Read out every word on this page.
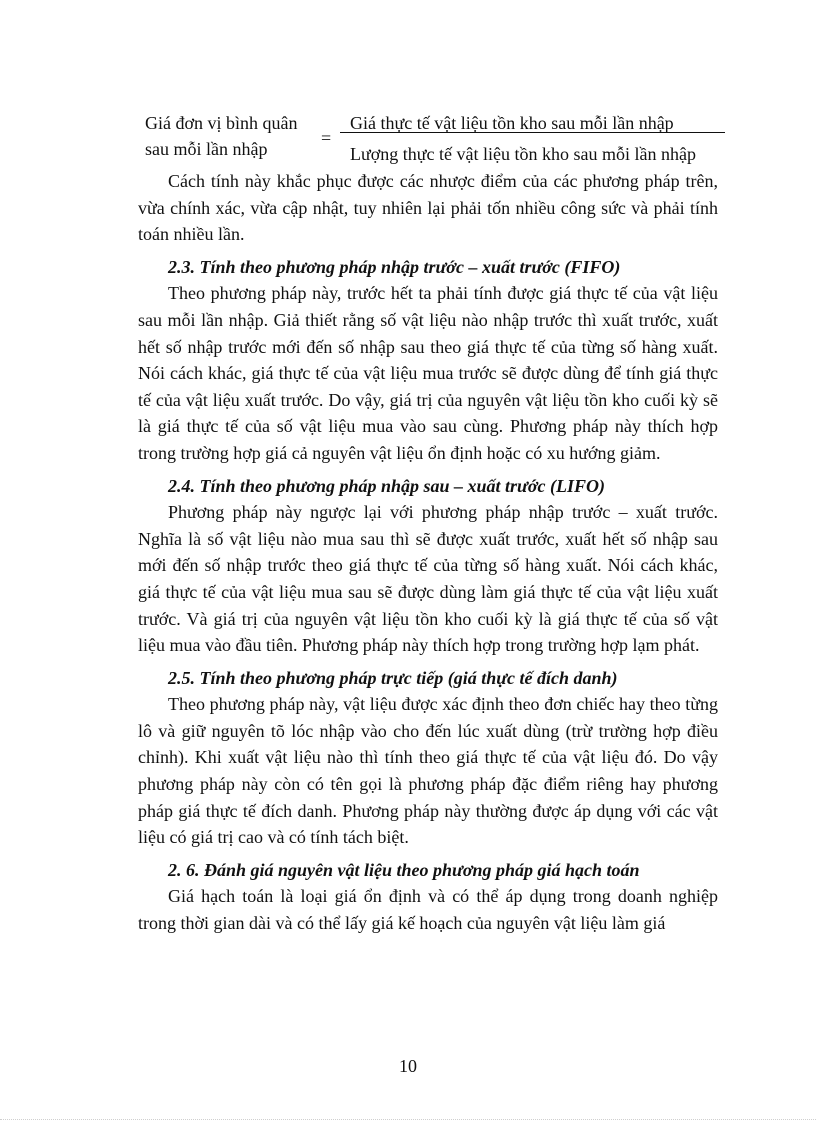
Giá đơn vị bình quân
sau mỗi lần nhập
=
Giá thực tế vật liệu tồn kho sau mỗi lần nhập
Lượng thực tế vật liệu tồn kho sau mỗi lần nhập

Cách tính này khắc phục được các nhược điểm của các phương pháp trên, vừa chính xác, vừa cập nhật, tuy nhiên lại phải tốn nhiều công sức và phải tính toán nhiều lần.

2.3. Tính theo phương pháp nhập trước – xuất trước (FIFO)

Theo phương pháp này, trước hết ta phải tính được giá thực tế của vật liệu sau mỗi lần nhập. Giả thiết rằng số vật liệu nào nhập trước thì xuất trước, xuất hết số nhập trước mới đến số nhập sau theo giá thực tế của từng số hàng xuất. Nói cách khác, giá thực tế của vật liệu mua trước sẽ được dùng để tính giá thực tế của vật liệu xuất trước. Do vậy, giá trị của nguyên vật liệu tồn kho cuối kỳ sẽ là giá thực tế của số vật liệu mua vào sau cùng. Phương pháp này thích hợp trong trường hợp giá cả nguyên vật liệu ổn định hoặc có xu hướng giảm.

2.4. Tính theo phương pháp nhập sau – xuất trước (LIFO)

Phương pháp này ngược lại với phương pháp nhập trước – xuất trước. Nghĩa là số vật liệu nào mua sau thì sẽ được xuất trước, xuất hết số nhập sau mới đến số nhập trước theo giá thực tế của từng số hàng xuất. Nói cách khác, giá thực tế của vật liệu mua sau sẽ được dùng làm giá thực tế của vật liệu xuất trước. Và giá trị của nguyên vật liệu tồn kho cuối kỳ là giá thực tế của số vật liệu mua vào đầu tiên. Phương pháp này thích hợp trong trường hợp lạm phát.

2.5. Tính theo phương pháp trực tiếp (giá thực tế đích danh)

Theo phương pháp này, vật liệu được xác định theo đơn chiếc hay theo từng lô và giữ nguyên tõ lóc nhập vào cho đến lúc xuất dùng (trừ trường hợp điều chỉnh). Khi xuất vật liệu nào thì tính theo giá thực tế của vật liệu đó. Do vậy phương pháp này còn có tên gọi là phương pháp đặc điểm riêng hay phương pháp giá thực tế đích danh. Phương pháp này thường được áp dụng với các vật liệu có giá trị cao và có tính tách biệt.

2. 6. Đánh giá nguyên vật liệu theo phương pháp giá hạch toán

Giá hạch toán là loại giá ổn định và có thể áp dụng trong doanh nghiệp trong thời gian dài và có thể lấy giá kế hoạch của nguyên vật liệu làm giá

10
